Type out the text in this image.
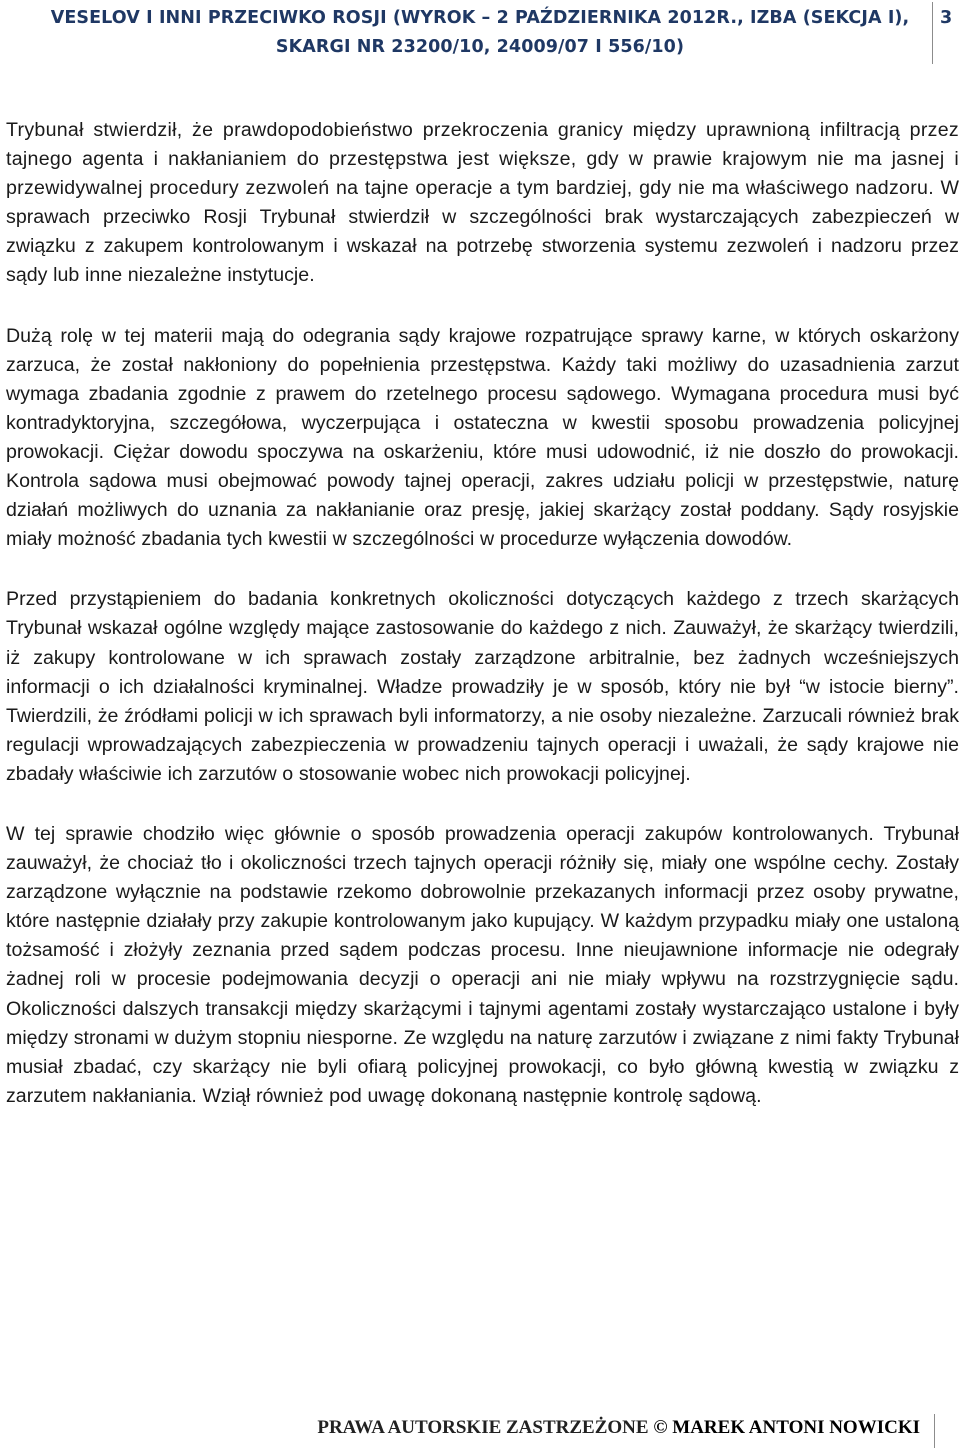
VESELOV I INNI PRZECIWKO ROSJI (WYROK – 2 PAŹDZIERNIKA 2012R., IZBA (SEKCJA I),
SKARGI NR 23200/10, 24009/07 I 556/10)
3

Trybunał stwierdził, że prawdopodobieństwo przekroczenia granicy między uprawnioną infiltracją przez tajnego agenta i nakłanianiem do przestępstwa jest większe, gdy w prawie krajowym nie ma jasnej i przewidywalnej procedury zezwoleń na tajne operacje a tym bardziej, gdy nie ma właściwego nadzoru. W sprawach przeciwko Rosji Trybunał stwierdził w szczególności brak wystarczających zabezpieczeń w związku z zakupem kontrolowanym i wskazał na potrzebę stworzenia systemu zezwoleń i nadzoru przez sądy lub inne niezależne instytucje.

Dużą rolę w tej materii mają do odegrania sądy krajowe rozpatrujące sprawy karne, w których oskarżony zarzuca, że został nakłoniony do popełnienia przestępstwa. Każdy taki możliwy do uzasadnienia zarzut wymaga zbadania zgodnie z prawem do rzetelnego procesu sądowego. Wymagana procedura musi być kontradyktoryjna, szczegółowa, wyczerpująca i ostateczna w kwestii sposobu prowadzenia policyjnej prowokacji. Ciężar dowodu spoczywa na oskarżeniu, które musi udowodnić, iż nie doszło do prowokacji. Kontrola sądowa musi obejmować powody tajnej operacji, zakres udziału policji w przestępstwie, naturę działań możliwych do uznania za nakłanianie oraz presję, jakiej skarżący został poddany. Sądy rosyjskie miały możność zbadania tych kwestii w szczególności w procedurze wyłączenia dowodów.

Przed przystąpieniem do badania konkretnych okoliczności dotyczących każdego z trzech skarżących Trybunał wskazał ogólne względy mające zastosowanie do każdego z nich. Zauważył, że skarżący twierdzili, iż zakupy kontrolowane w ich sprawach zostały zarządzone arbitralnie, bez żadnych wcześniejszych informacji o ich działalności kryminalnej. Władze prowadziły je w sposób, który nie był “w istocie bierny”. Twierdzili, że źródłami policji w ich sprawach byli informatorzy, a nie osoby niezależne. Zarzucali również brak regulacji wprowadzających zabezpieczenia w prowadzeniu tajnych operacji i uważali, że sądy krajowe nie zbadały właściwie ich zarzutów o stosowanie wobec nich prowokacji policyjnej.

W tej sprawie chodziło więc głównie o sposób prowadzenia operacji zakupów kontrolowanych. Trybunał zauważył, że chociaż tło i okoliczności trzech tajnych operacji różniły się, miały one wspólne cechy. Zostały zarządzone wyłącznie na podstawie rzekomo dobrowolnie przekazanych informacji przez osoby prywatne, które następnie działały przy zakupie kontrolowanym jako kupujący. W każdym przypadku miały one ustaloną tożsamość i złożyły zeznania przed sądem podczas procesu. Inne nieujawnione informacje nie odegrały żadnej roli w procesie podejmowania decyzji o operacji ani nie miały wpływu na rozstrzygnięcie sądu. Okoliczności dalszych transakcji między skarżącymi i tajnymi agentami zostały wystarczająco ustalone i były między stronami w dużym stopniu niesporne. Ze względu na naturę zarzutów i związane z nimi fakty Trybunał musiał zbadać, czy skarżący nie byli ofiarą policyjnej prowokacji, co było główną kwestią w związku z zarzutem nakłaniania. Wziął również pod uwagę dokonaną następnie kontrolę sądową.

PRAWA AUTORSKIE ZASTRZEŻONE © MAREK ANTONI NOWICKI
